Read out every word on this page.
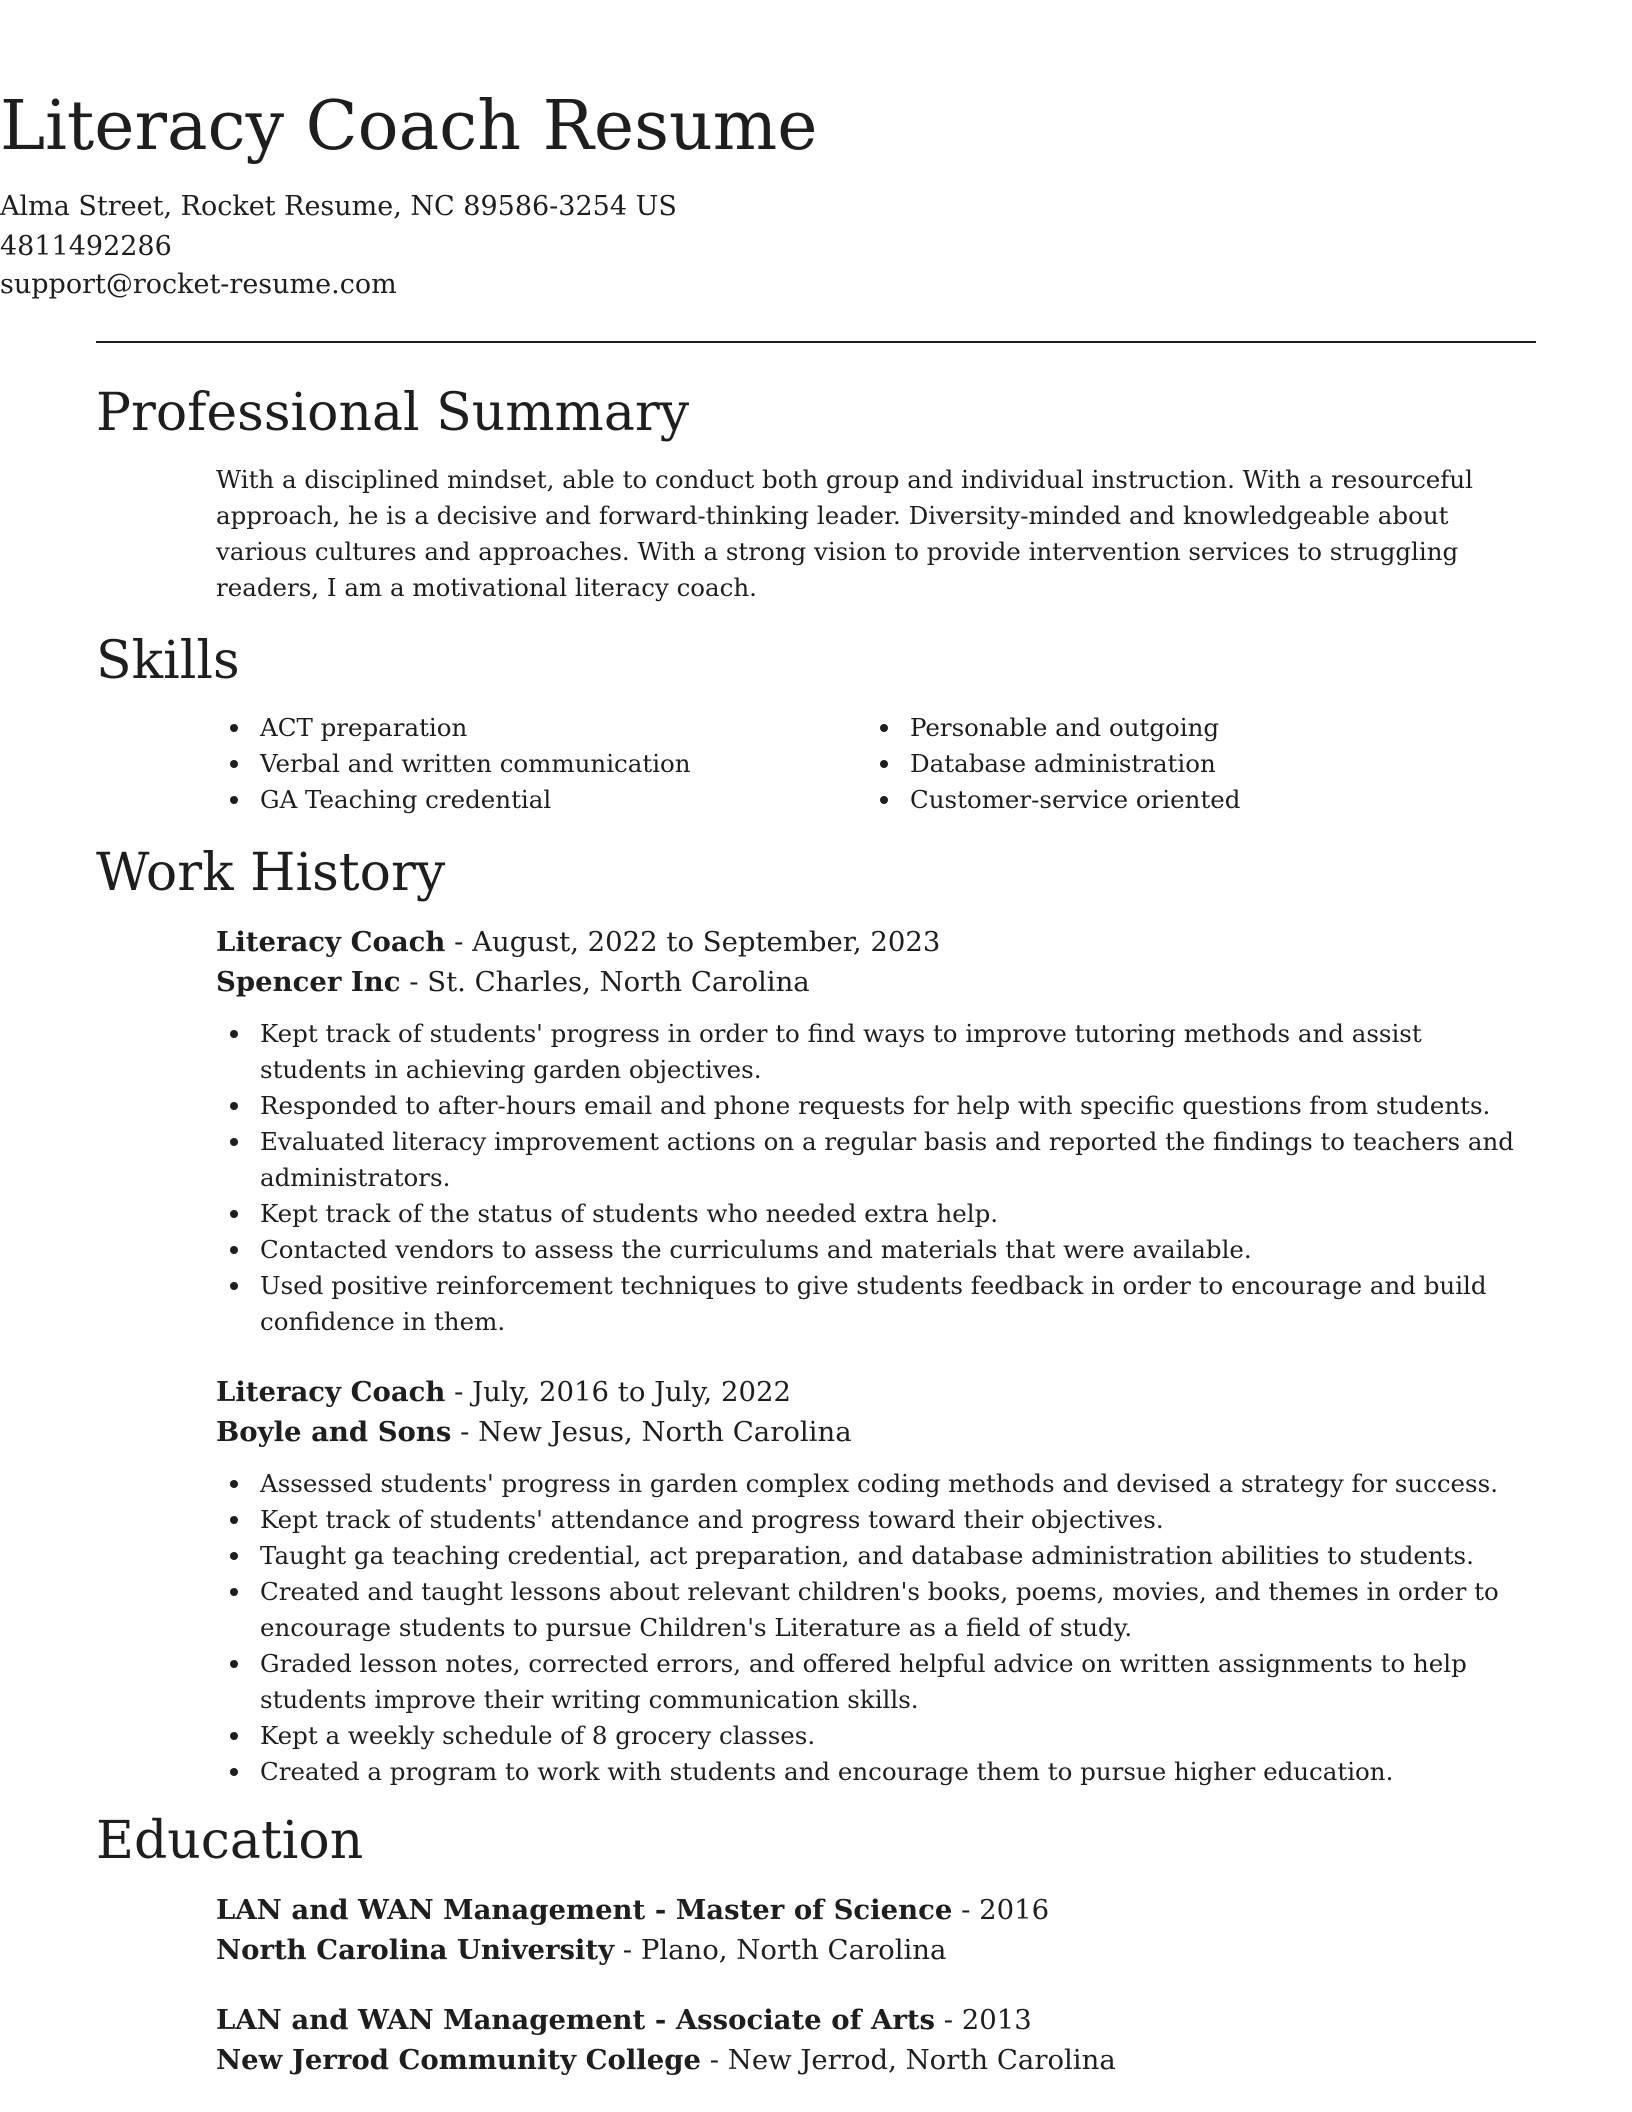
Literacy Coach Resume
Alma Street, Rocket Resume, NC 89586-3254 US
4811492286
support@rocket-resume.com
Professional Summary

With a disciplined mindset, able to conduct both group and individual instruction. With a resourceful approach, he is a decisive and forward-thinking leader. Diversity-minded and knowledgeable about various cultures and approaches. With a strong vision to provide intervention services to struggling readers, I am a motivational literacy coach.

Skills
ACT preparation
Verbal and written communication
GA Teaching credential
Personable and outgoing
Database administration
Customer-service oriented
Work History
Literacy Coach - August, 2022 to September, 2023
Spencer Inc - St. Charles, North Carolina
Kept track of students' progress in order to find ways to improve tutoring methods and assist students in achieving garden objectives.
Responded to after-hours email and phone requests for help with specific questions from students.
Evaluated literacy improvement actions on a regular basis and reported the findings to teachers and administrators.
Kept track of the status of students who needed extra help.
Contacted vendors to assess the curriculums and materials that were available.
Used positive reinforcement techniques to give students feedback in order to encourage and build confidence in them.
Literacy Coach - July, 2016 to July, 2022
Boyle and Sons - New Jesus, North Carolina
Assessed students' progress in garden complex coding methods and devised a strategy for success.
Kept track of students' attendance and progress toward their objectives.
Taught ga teaching credential, act preparation, and database administration abilities to students.
Created and taught lessons about relevant children's books, poems, movies, and themes in order to encourage students to pursue Children's Literature as a field of study.
Graded lesson notes, corrected errors, and offered helpful advice on written assignments to help students improve their writing communication skills.
Kept a weekly schedule of 8 grocery classes.
Created a program to work with students and encourage them to pursue higher education.
Education
LAN and WAN Management - Master of Science - 2016
North Carolina University - Plano, North Carolina
LAN and WAN Management - Associate of Arts - 2013
New Jerrod Community College - New Jerrod, North Carolina
